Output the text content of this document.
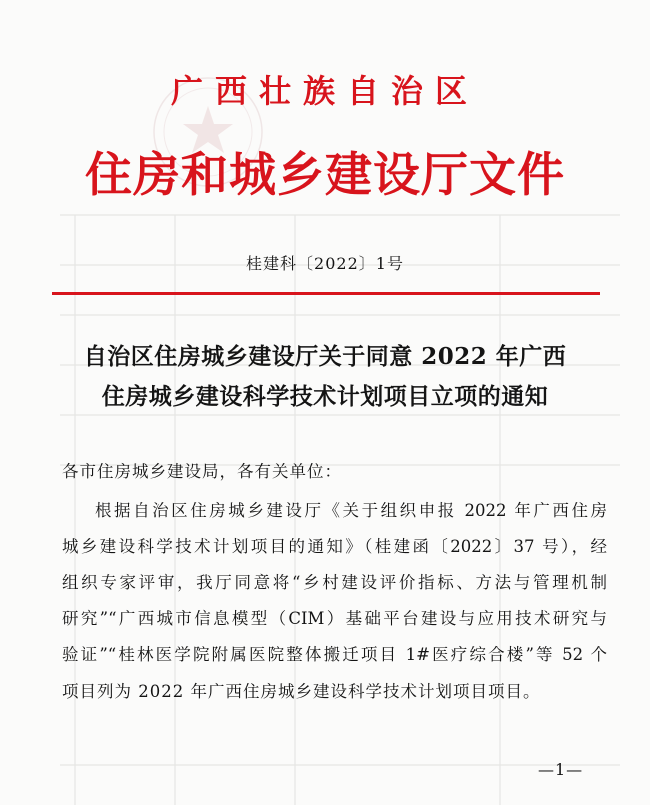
广西壮族自治区
住房和城乡建设厅文件
桂建科〔2022〕1号
自治区住房城乡建设厅关于同意 2022 年广西
住房城乡建设科学技术计划项目立项的通知
各市住房城乡建设局，各有关单位：
根据自治区住房城乡建设厅《关于组织申报 2022 年广西住房
城乡建设科学技术计划项目的通知》（桂建函〔2022〕37 号），经
组织专家评审，我厅同意将“乡村建设评价指标、方法与管理机制
研究”“广西城市信息模型（CIM）基础平台建设与应用技术研究与
验证”“桂林医学院附属医院整体搬迁项目 1#医疗综合楼”等 52 个
项目列为 2022 年广西住房城乡建设科学技术计划项目项目。
—1—
